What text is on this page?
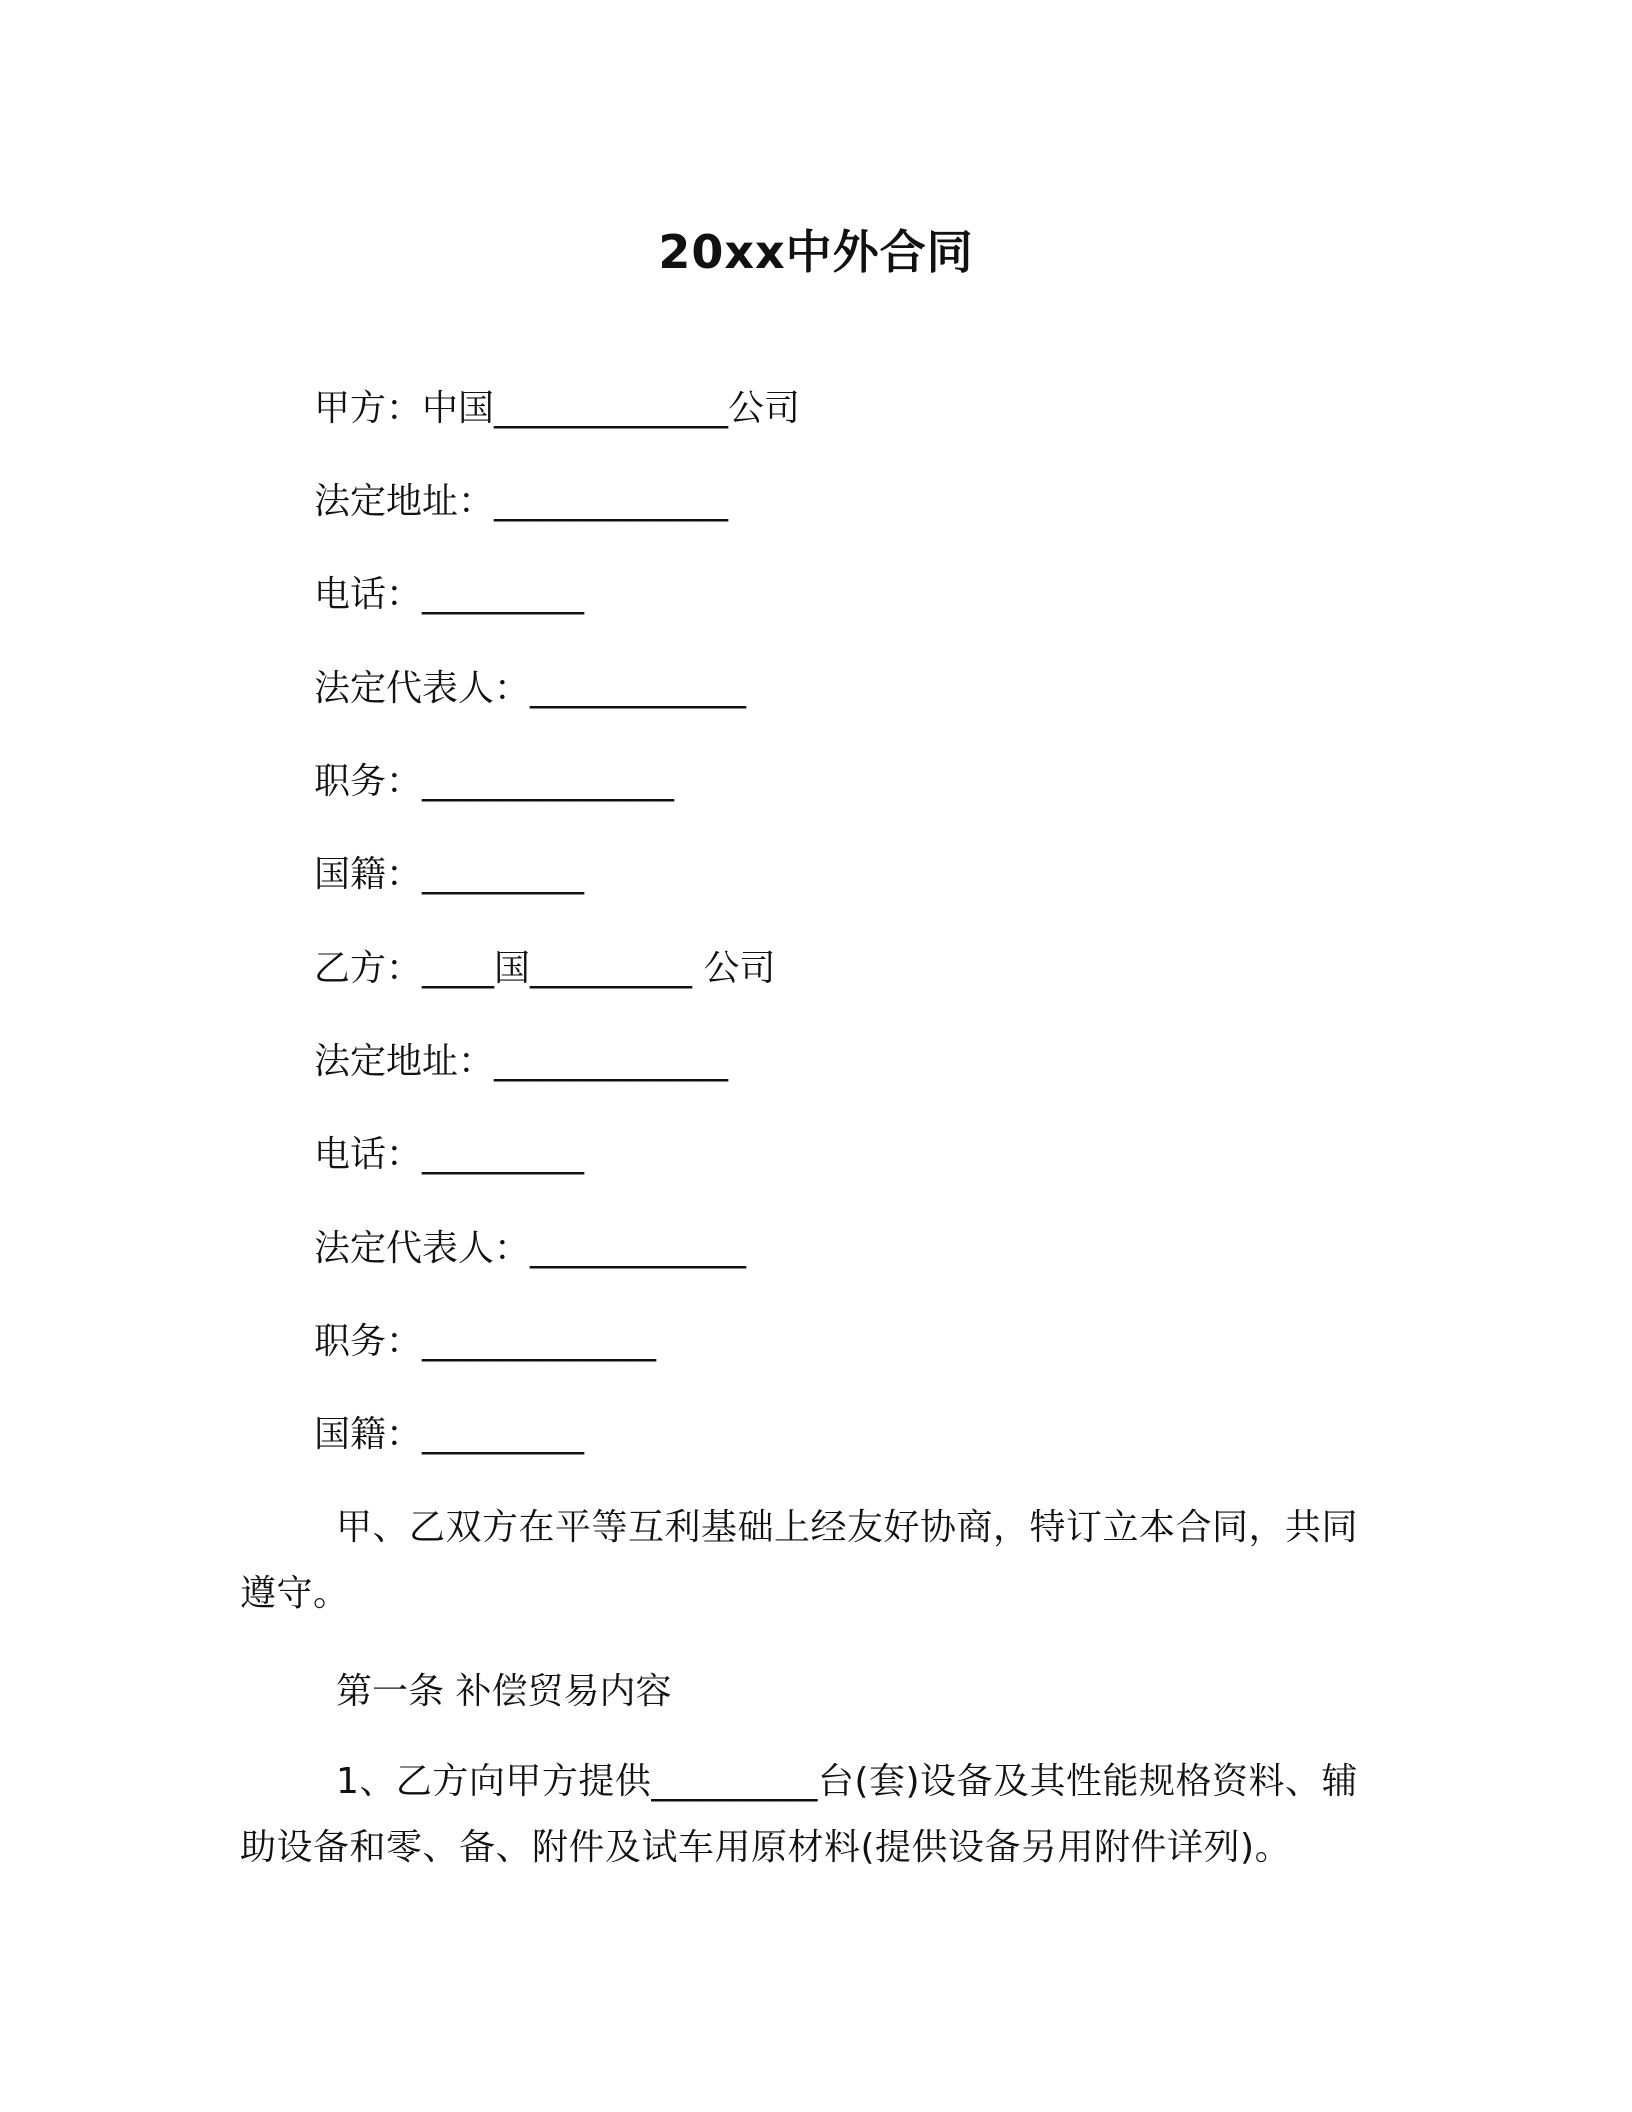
20xx中外合同
甲方：中国_____________公司
法定地址：_____________
电话：_________
法定代表人：____________
职务：______________
国籍：_________
乙方：____国_________ 公司
法定地址：_____________
电话：_________
法定代表人：____________
职务：_____________
国籍：_________
甲、乙双方在平等互利基础上经友好协商，特订立本合同，共同遵守。
第一条 补偿贸易内容
1、乙方向甲方提供_________台(套)设备及其性能规格资料、辅助设备和零、备、附件及试车用原材料(提供设备另用附件详列)。
